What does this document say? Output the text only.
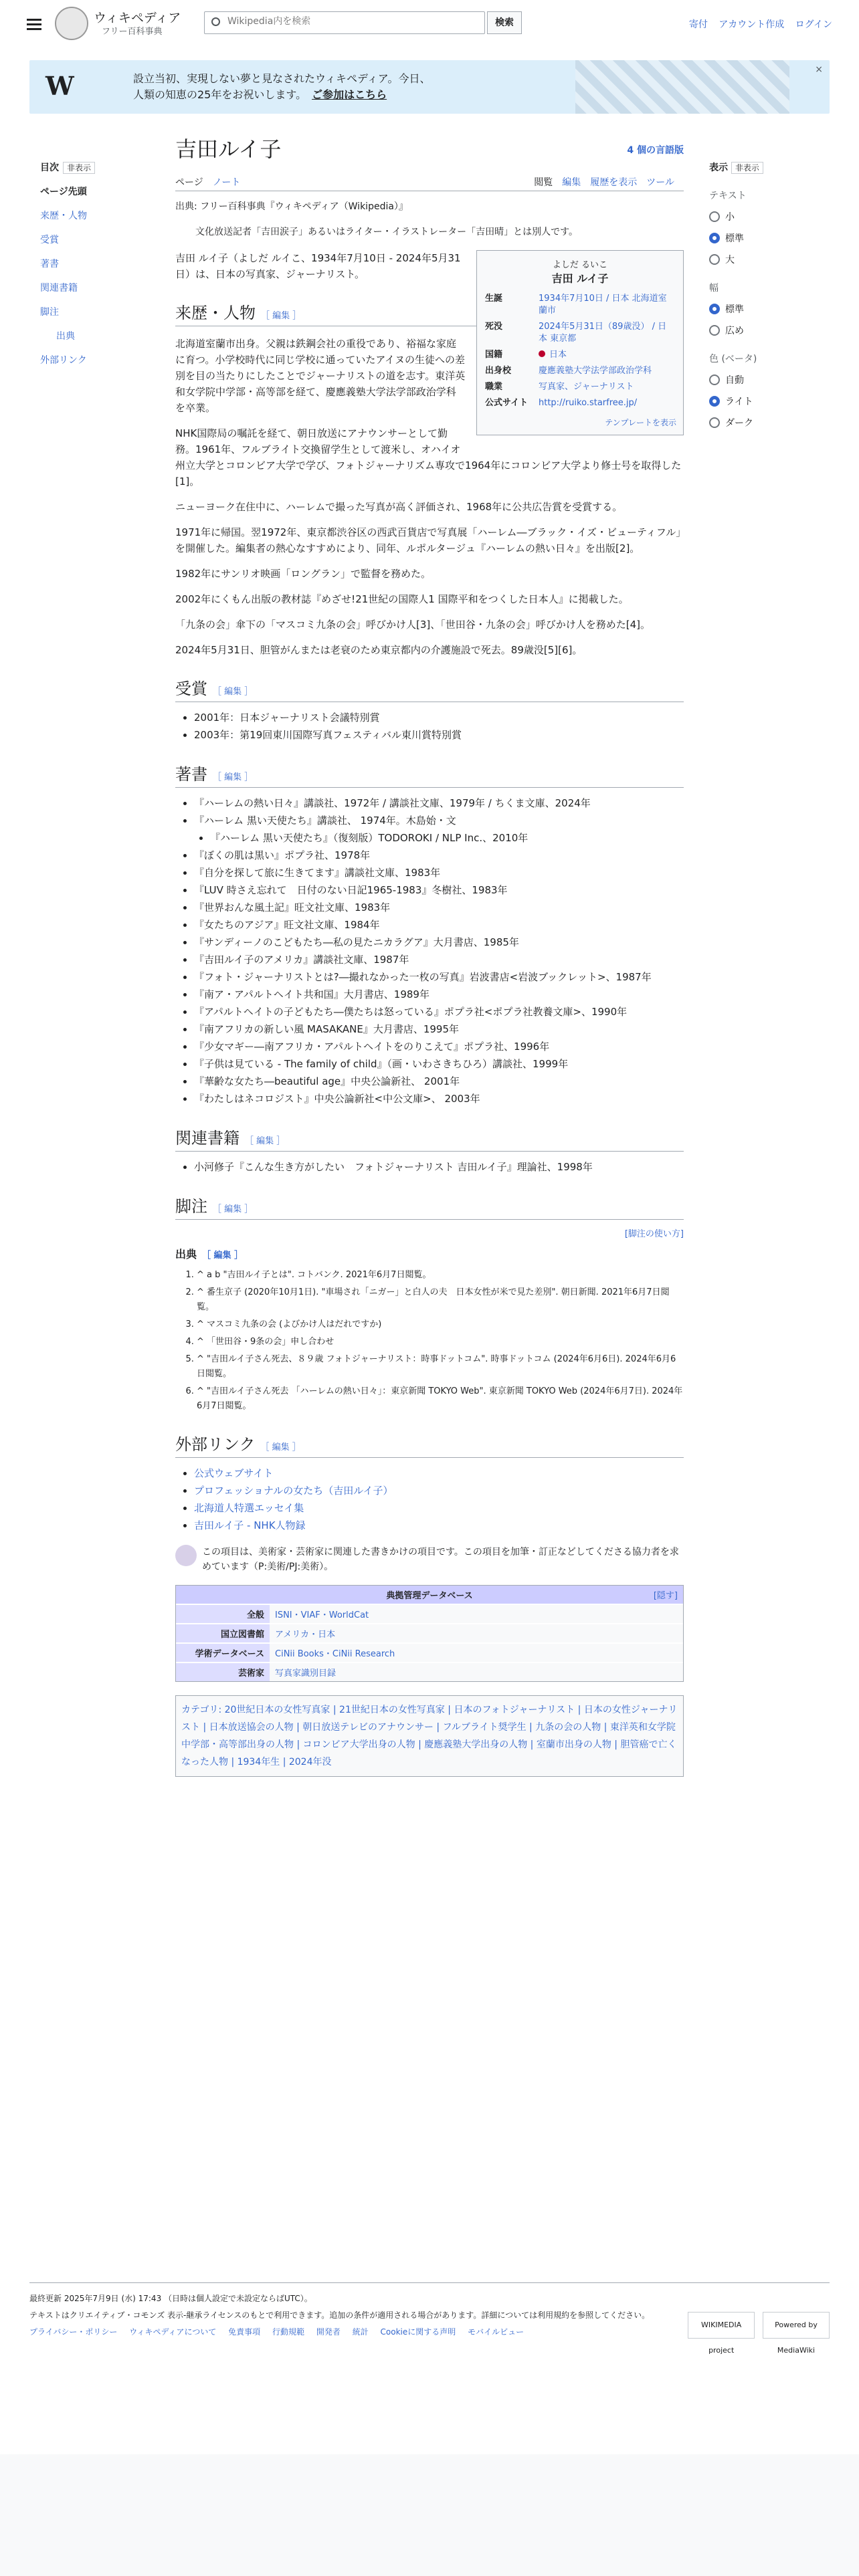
ウィキペディア
フリー百科事典
Wikipedia内を検索
検索	寄付 アカウント作成 ログイン
W	設立当初、実現しない夢と見なされたウィキペディア。今日、
人類の知恵の25年をお祝いします。　 ご参加はこちら
×
目次 非表示
ページ先頭
来歴・人物
受賞
著書
関連書籍
脚注
出典
外部リンク
表示 非表示
テキスト
小
標準
大
幅
標準
広め
色 (ベータ)
自動
ライト
ダーク
吉田ルイ子	4 個の言語版
ページ ノート	閲覧 編集 履歴を表示 ツール
出典: フリー百科事典『ウィキペディア（Wikipedia）』
文化放送記者「吉田涙子」あるいはライター・イラストレーター「吉田晴」とは別人です。
よしだ るいこ
吉田 ルイ子
生誕	1934年7月10日 / 日本 北海道室蘭市
死没	2024年5月31日（89歳没） / 日本 東京都
国籍	日本
出身校	慶應義塾大学法学部政治学科
職業	写真家、ジャーナリスト
公式サイト	http://ruiko.starfree.jp/
テンプレートを表示

吉田 ルイ子（よしだ ルイこ、1934年7月10日 - 2024年5月31日）は、日本の写真家、ジャーナリスト。

来歴・人物 ［ 編集 ］

北海道室蘭市出身。父親は鉄鋼会社の重役であり、裕福な家庭に育つ。小学校時代に同じ学校に通っていたアイヌの生徒への差別を目の当たりにしたことでジャーナリストの道を志す。東洋英和女学院中学部・高等部を経て、慶應義塾大学法学部政治学科を卒業。

NHK国際局の嘱託を経て、朝日放送にアナウンサーとして勤務。1961年、フルブライト交換留学生として渡米し、オハイオ州立大学とコロンビア大学で学び、フォトジャーナリズム専攻で1964年にコロンビア大学より修士号を取得した[1]。

ニューヨーク在住中に、ハーレムで撮った写真が高く評価され、1968年に公共広告賞を受賞する。

1971年に帰国。翌1972年、東京都渋谷区の西武百貨店で写真展「ハーレム―ブラック・イズ・ビューティフル」を開催した。編集者の熱心なすすめにより、同年、ルポルタージュ『ハーレムの熱い日々』を出版[2]。

1982年にサンリオ映画「ロングラン」で監督を務めた。

2002年にくもん出版の教材誌『めざせ!21世紀の国際人1 国際平和をつくした日本人』に掲載した。

「九条の会」傘下の「マスコミ九条の会」呼びかけ人[3]、「世田谷・九条の会」呼びかけ人を務めた[4]。

2024年5月31日、胆管がんまたは老衰のため東京都内の介護施設で死去。89歳没[5][6]。

受賞 ［ 編集 ］
• 2001年：日本ジャーナリスト会議特別賞
• 2003年：第19回東川国際写真フェスティバル東川賞特別賞
著書 ［ 編集 ］
• 『ハーレムの熱い日々』講談社、1972年 / 講談社文庫、1979年 / ちくま文庫、2024年
• 『ハーレム 黒い天使たち』講談社、 1974年。木島始・文
• 『ハーレム 黒い天使たち』（復刻版）TODOROKI / NLP Inc.、2010年
• 『ぼくの肌は黒い』ポプラ社、1978年
• 『自分を探して旅に生きてます』講談社文庫、1983年
• 『LUV 時さえ忘れて　日付のない日記1965-1983』冬樹社、1983年
• 『世界おんな風土記』旺文社文庫、1983年
• 『女たちのアジア』旺文社文庫、1984年
• 『サンディーノのこどもたち―私の見たニカラグア』大月書店、1985年
• 『吉田ルイ子のアメリカ』講談社文庫、1987年
• 『フォト・ジャーナリストとは?―撮れなかった一枚の写真』岩波書店<岩波ブックレット>、1987年
• 『南ア・アパルトヘイト共和国』大月書店、1989年
• 『アパルトヘイトの子どもたち―僕たちは怒っている』ポプラ社<ポプラ社教養文庫>、1990年
• 『南アフリカの新しい風 MASAKANE』大月書店、1995年
• 『少女マギー―南アフリカ・アパルトヘイトをのりこえて』ポプラ社、1996年
• 『子供は見ている - The family of child』（画・いわさきちひろ）講談社、1999年
• 『華齢な女たち―beautiful age』中央公論新社、 2001年
• 『わたしはネコロジスト』中央公論新社<中公文庫>、 2003年
関連書籍 ［ 編集 ］
• 小河修子『こんな生き方がしたい　フォトジャーナリスト 吉田ルイ子』理論社、1998年
脚注 ［ 編集 ］
[脚注の使い方]
出典 ［ 編集 ］
1. ^ a b "吉田ルイ子とは". コトバンク. 2021年6月7日閲覧。
2. ^ 番生京子 (2020年10月1日). "車場され「ニガー」と白人の夫　日本女性が米で見た差別". 朝日新聞. 2021年6月7日閲覧。
3. ^ マスコミ九条の会 (よびかけ人はだれですか)
4. ^ 「世田谷・9条の会」申し合わせ
5. ^ "吉田ルイ子さん死去、８９歳 フォトジャーナリスト：時事ドットコム". 時事ドットコム (2024年6月6日). 2024年6月6日閲覧。
6. ^ "吉田ルイ子さん死去 「ハーレムの熱い日々」：東京新聞 TOKYO Web". 東京新聞 TOKYO Web (2024年6月7日). 2024年6月7日閲覧。
外部リンク ［ 編集 ］
• 公式ウェブサイト
• プロフェッショナルの女たち（吉田ルイ子）
• 北海道人特選エッセイ集
• 吉田ルイ子 - NHK人物録
この項目は、美術家・芸術家に関連した書きかけの項目です。この項目を加筆・訂正などしてくださる協力者を求めています（P:美術/PJ:美術）。
典拠管理データベース	[隠す]
全般	ISNI・VIAF・WorldCat
国立図書館	アメリカ・日本
学術データベース	CiNii Books・CiNii Research
芸術家	写真家識別目録
カテゴリ: 20世紀日本の女性写真家 | 21世紀日本の女性写真家 | 日本のフォトジャーナリスト | 日本の女性ジャーナリスト | 日本放送協会の人物 | 朝日放送テレビのアナウンサー | フルブライト奨学生 | 九条の会の人物 | 東洋英和女学院中学部・高等部出身の人物 | コロンビア大学出身の人物 | 慶應義塾大学出身の人物 | 室蘭市出身の人物 | 胆管癌で亡くなった人物 | 1934年生 | 2024年没
最終更新 2025年7月9日 (水) 17:43 （日時は個人設定で未設定ならばUTC）。
テキストはクリエイティブ・コモンズ 表示-継承ライセンスのもとで利用できます。追加の条件が適用される場合があります。詳細については利用規約を参照してください。
プライバシー・ポリシー ウィキペディアについて 免責事項 行動規範 開発者 統計 Cookieに関する声明 モバイルビュー
WIKIMEDIA project Powered by MediaWiki
